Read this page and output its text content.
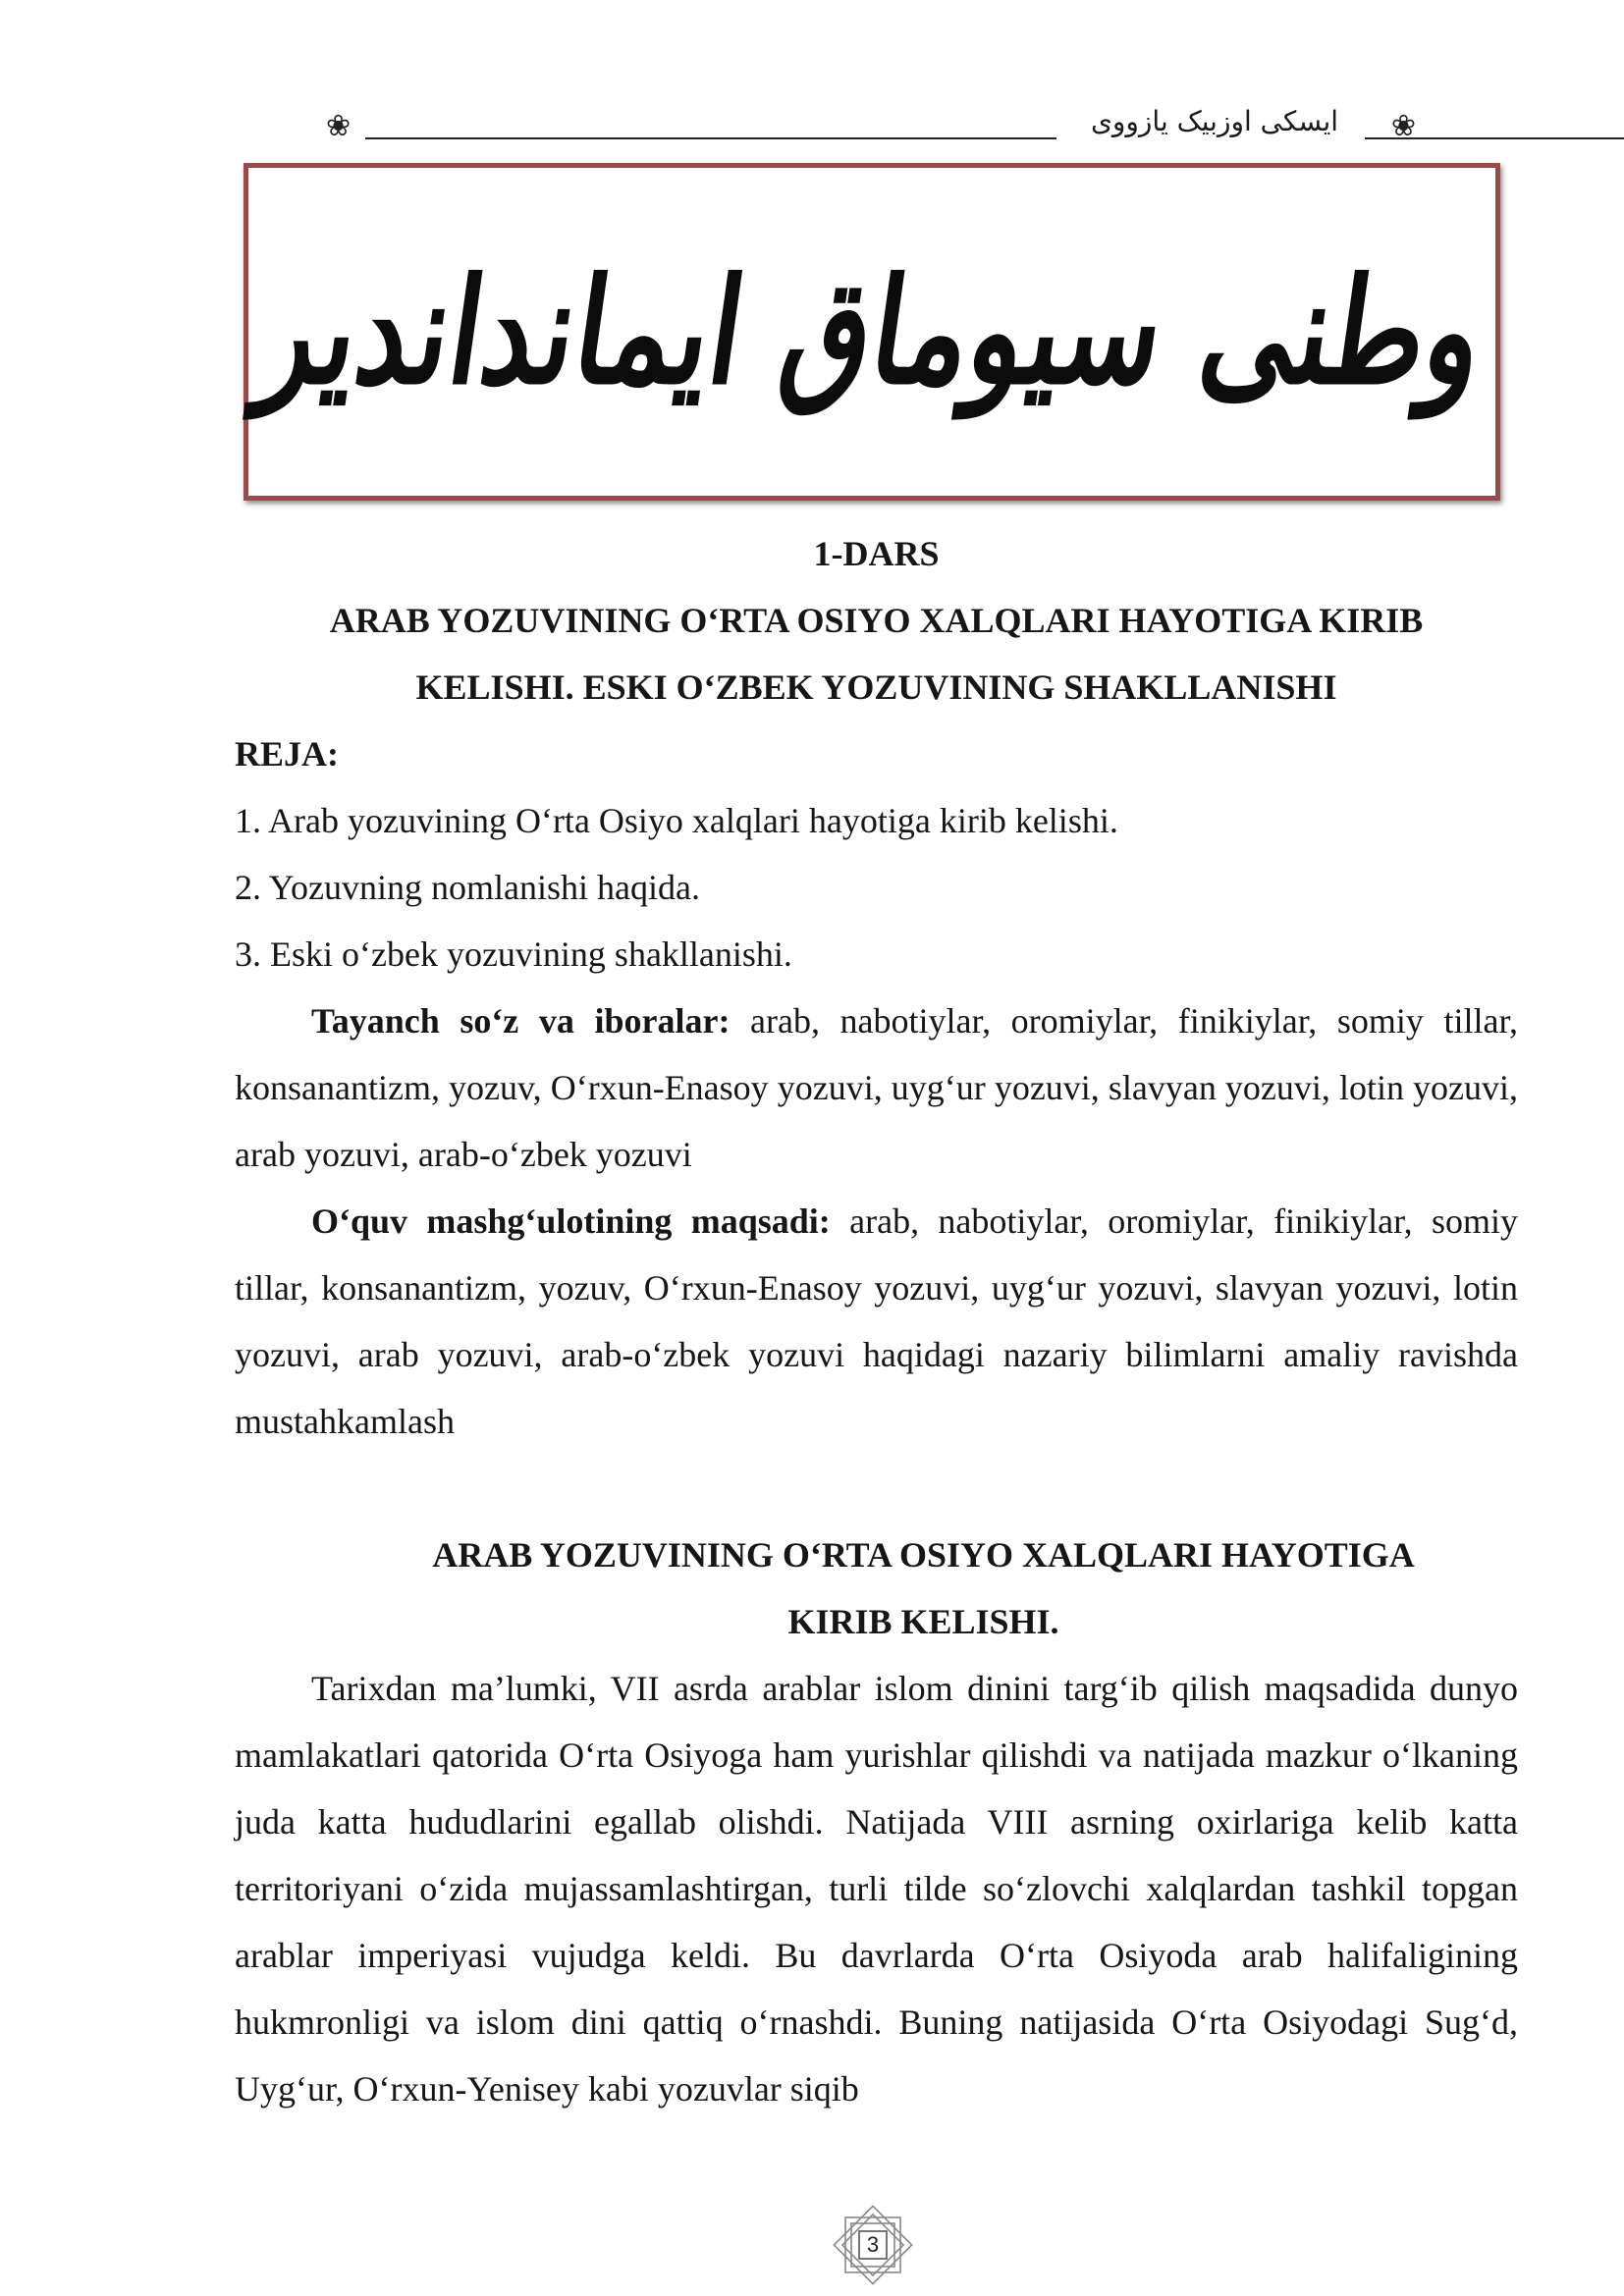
❀	ایسکی اوزبیک یازووی	❀
وطنی سیوماق ایمانداندیر

1-DARS

ARAB YOZUVINING O‘RTA OSIYO XALQLARI HAYOTIGA KIRIB

KELISHI. ESKI O‘ZBEK YOZUVINING SHAKLLANISHI

REJA:

1. Arab yozuvining O‘rta Osiyo xalqlari hayotiga kirib kelishi.
2. Yozuvning nomlanishi haqida.
3. Eski o‘zbek yozuvining shakllanishi.

Tayanch so‘z va iboralar: arab, nabotiylar, oromiylar, finikiylar, somiy tillar, konsanantizm, yozuv, O‘rxun-Enasoy yozuvi, uyg‘ur yozuvi, slavyan yozuvi, lotin yozuvi, arab yozuvi, arab-o‘zbek yozuvi

O‘quv mashg‘ulotining maqsadi: arab, nabotiylar, oromiylar, finikiylar, somiy tillar, konsanantizm, yozuv, O‘rxun-Enasoy yozuvi, uyg‘ur yozuvi, slavyan yozuvi, lotin yozuvi, arab yozuvi, arab-o‘zbek yozuvi haqidagi nazariy bilimlarni amaliy ravishda mustahkamlash

ARAB YOZUVINING O‘RTA OSIYO XALQLARI HAYOTIGA

KIRIB KELISHI.

Tarixdan ma’lumki, VII asrda arablar islom dinini targ‘ib qilish maqsadida dunyo mamlakatlari qatorida O‘rta Osiyoga ham yurishlar qilishdi va natijada mazkur o‘lkaning juda katta hududlarini egallab olishdi. Natijada VIII asrning oxirlariga kelib katta territoriyani o‘zida mujassamlashtirgan, turli tilde so‘zlovchi xalqlardan tashkil topgan arablar imperiyasi vujudga keldi. Bu davrlarda O‘rta Osiyoda arab halifaligining hukmronligi va islom dini qattiq o‘rnashdi. Buning natijasida O‘rta Osiyodagi Sug‘d, Uyg‘ur, O‘rxun-Yenisey kabi yozuvlar siqib

3
